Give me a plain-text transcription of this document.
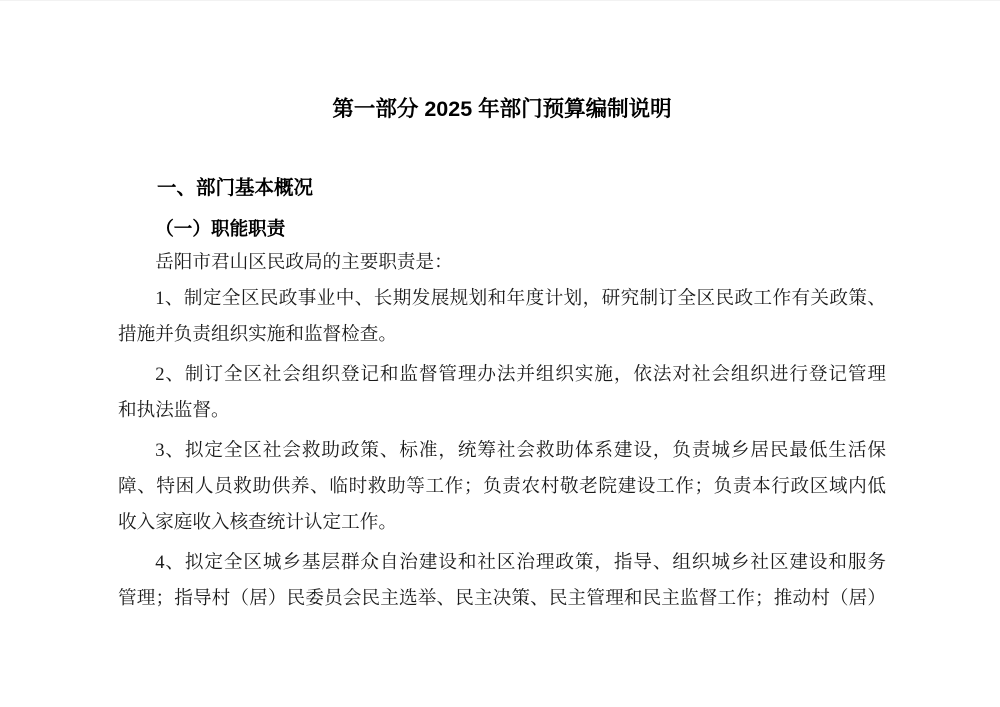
第一部分 2025 年部门预算编制说明
一、部门基本概况
（一）职能职责
岳阳市君山区民政局的主要职责是：
1、制定全区民政事业中、长期发展规划和年度计划，研究制订全区民政工作有关政策、
措施并负责组织实施和监督检查。
2、制订全区社会组织登记和监督管理办法并组织实施，依法对社会组织进行登记管理
和执法监督。
3、拟定全区社会救助政策、标准，统筹社会救助体系建设，负责城乡居民最低生活保
障、特困人员救助供养、临时救助等工作；负责农村敬老院建设工作；负责本行政区域内低
收入家庭收入核查统计认定工作。
4、拟定全区城乡基层群众自治建设和社区治理政策，指导、组织城乡社区建设和服务
管理；指导村（居）民委员会民主选举、民主决策、民主管理和民主监督工作；推动村（居）
